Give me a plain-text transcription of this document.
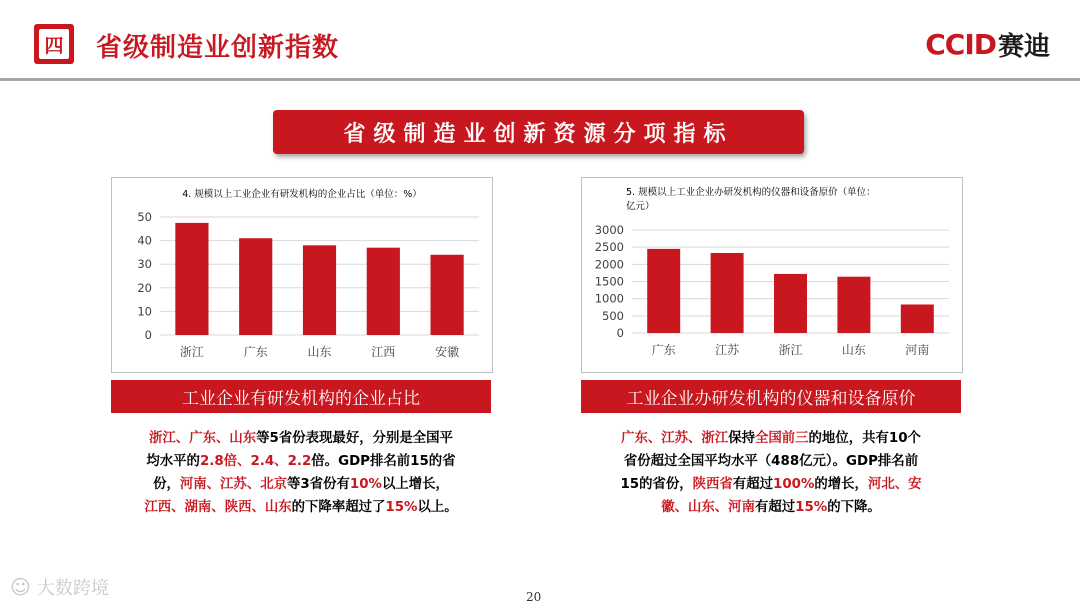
四 省级制造业创新指数	CCID 赛迪
省级制造业创新资源分项指标
4. 规模以上工业企业有研发机构的企业占比（单位：%）
0
10
20
30
40
50
浙江	广东	山东	江西	安徽
5. 规模以上工业企业办研发机构的仪器和设备原价（单位：
亿元）
0
500
1000
1500
2000
2500
3000
广东	江苏	浙江	山东	河南
工业企业有研发机构的企业占比	工业企业办研发机构的仪器和设备原价
浙江、广东、山东等5省份表现最好，分别是全国平
均水平的2.8倍、2.4、2.2倍。GDP排名前15的省
份，河南、江苏、北京等3省份有10%以上增长，
江西、湖南、陕西、山东的下降率超过了15%以上。
广东、江苏、浙江保持全国前三的地位，共有10个
省份超过全国平均水平（488亿元）。GDP排名前
15的省份，陕西省有超过100%的增长，河北、安
徽、山东、河南有超过15%的下降。
☺ 大数跨境	20
